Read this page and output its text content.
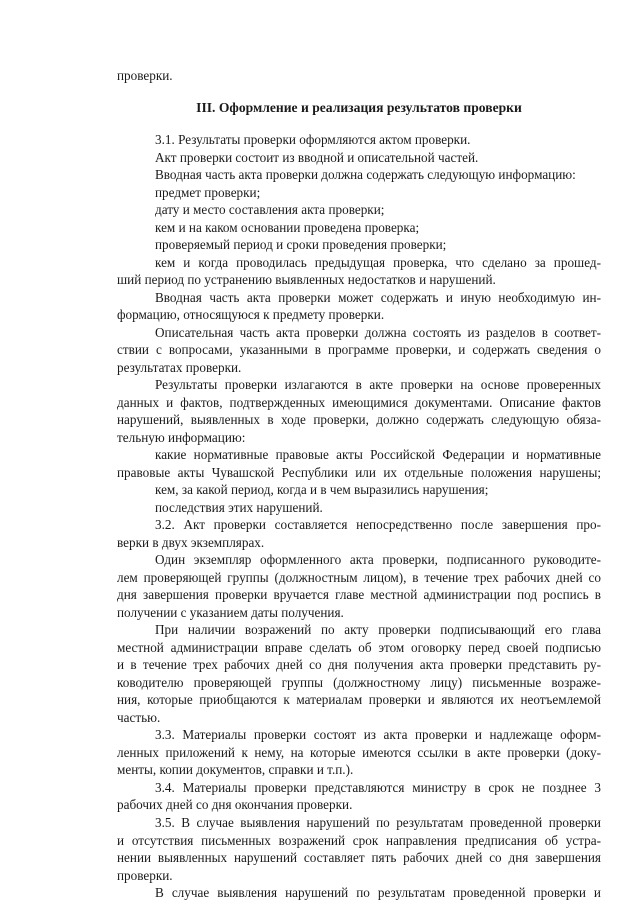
III. Оформление и реализация результатов проверки
проверки.
3.1. Результаты проверки оформляются актом проверки.
Акт проверки состоит из вводной и описательной частей.
Вводная часть акта проверки должна содержать следующую информацию:
предмет проверки;
дату и место составления акта проверки;
кем и на каком основании проведена проверка;
проверяемый период и сроки проведения проверки;
кем и когда проводилась предыдущая проверка, что сделано за прошед-
ший период по устранению выявленных недостатков и нарушений.
Вводная часть акта проверки может содержать и иную необходимую ин-
формацию, относящуюся к предмету проверки.
Описательная часть акта проверки должна состоять из разделов в соответ-
ствии с вопросами, указанными в программе проверки, и содержать сведения о
результатах проверки.
Результаты проверки излагаются в акте проверки на основе проверенных
данных и фактов, подтвержденных имеющимися документами. Описание фактов
нарушений, выявленных в ходе проверки, должно содержать следующую обяза-
тельную информацию:
какие нормативные правовые акты Российской Федерации и нормативные
правовые акты Чувашской Республики или их отдельные положения нарушены;
кем, за какой период, когда и в чем выразились нарушения;
последствия этих нарушений.
3.2. Акт проверки составляется непосредственно после завершения про-
верки в двух экземплярах.
Один экземпляр оформленного акта проверки, подписанного руководите-
лем проверяющей группы (должностным лицом), в течение трех рабочих дней со
дня завершения проверки вручается главе местной администрации под роспись в
получении с указанием даты получения.
При наличии возражений по акту проверки подписывающий его глава
местной администрации вправе сделать об этом оговорку перед своей подписью
и в течение трех рабочих дней со дня получения акта проверки представить ру-
ководителю проверяющей группы (должностному лицу) письменные возраже-
ния, которые приобщаются к материалам проверки и являются их неотъемлемой
частью.
3.3. Материалы проверки состоят из акта проверки и надлежаще оформ-
ленных приложений к нему, на которые имеются ссылки в акте проверки (доку-
менты, копии документов, справки и т.п.).
3.4. Материалы проверки представляются министру в срок не позднее 3
рабочих дней со дня окончания проверки.
3.5. В случае выявления нарушений по результатам проведенной проверки
и отсутствия письменных возражений срок направления предписания об устра-
нении выявленных нарушений составляет пять рабочих дней со дня завершения
проверки.
В случае выявления нарушений по результатам проведенной проверки и
